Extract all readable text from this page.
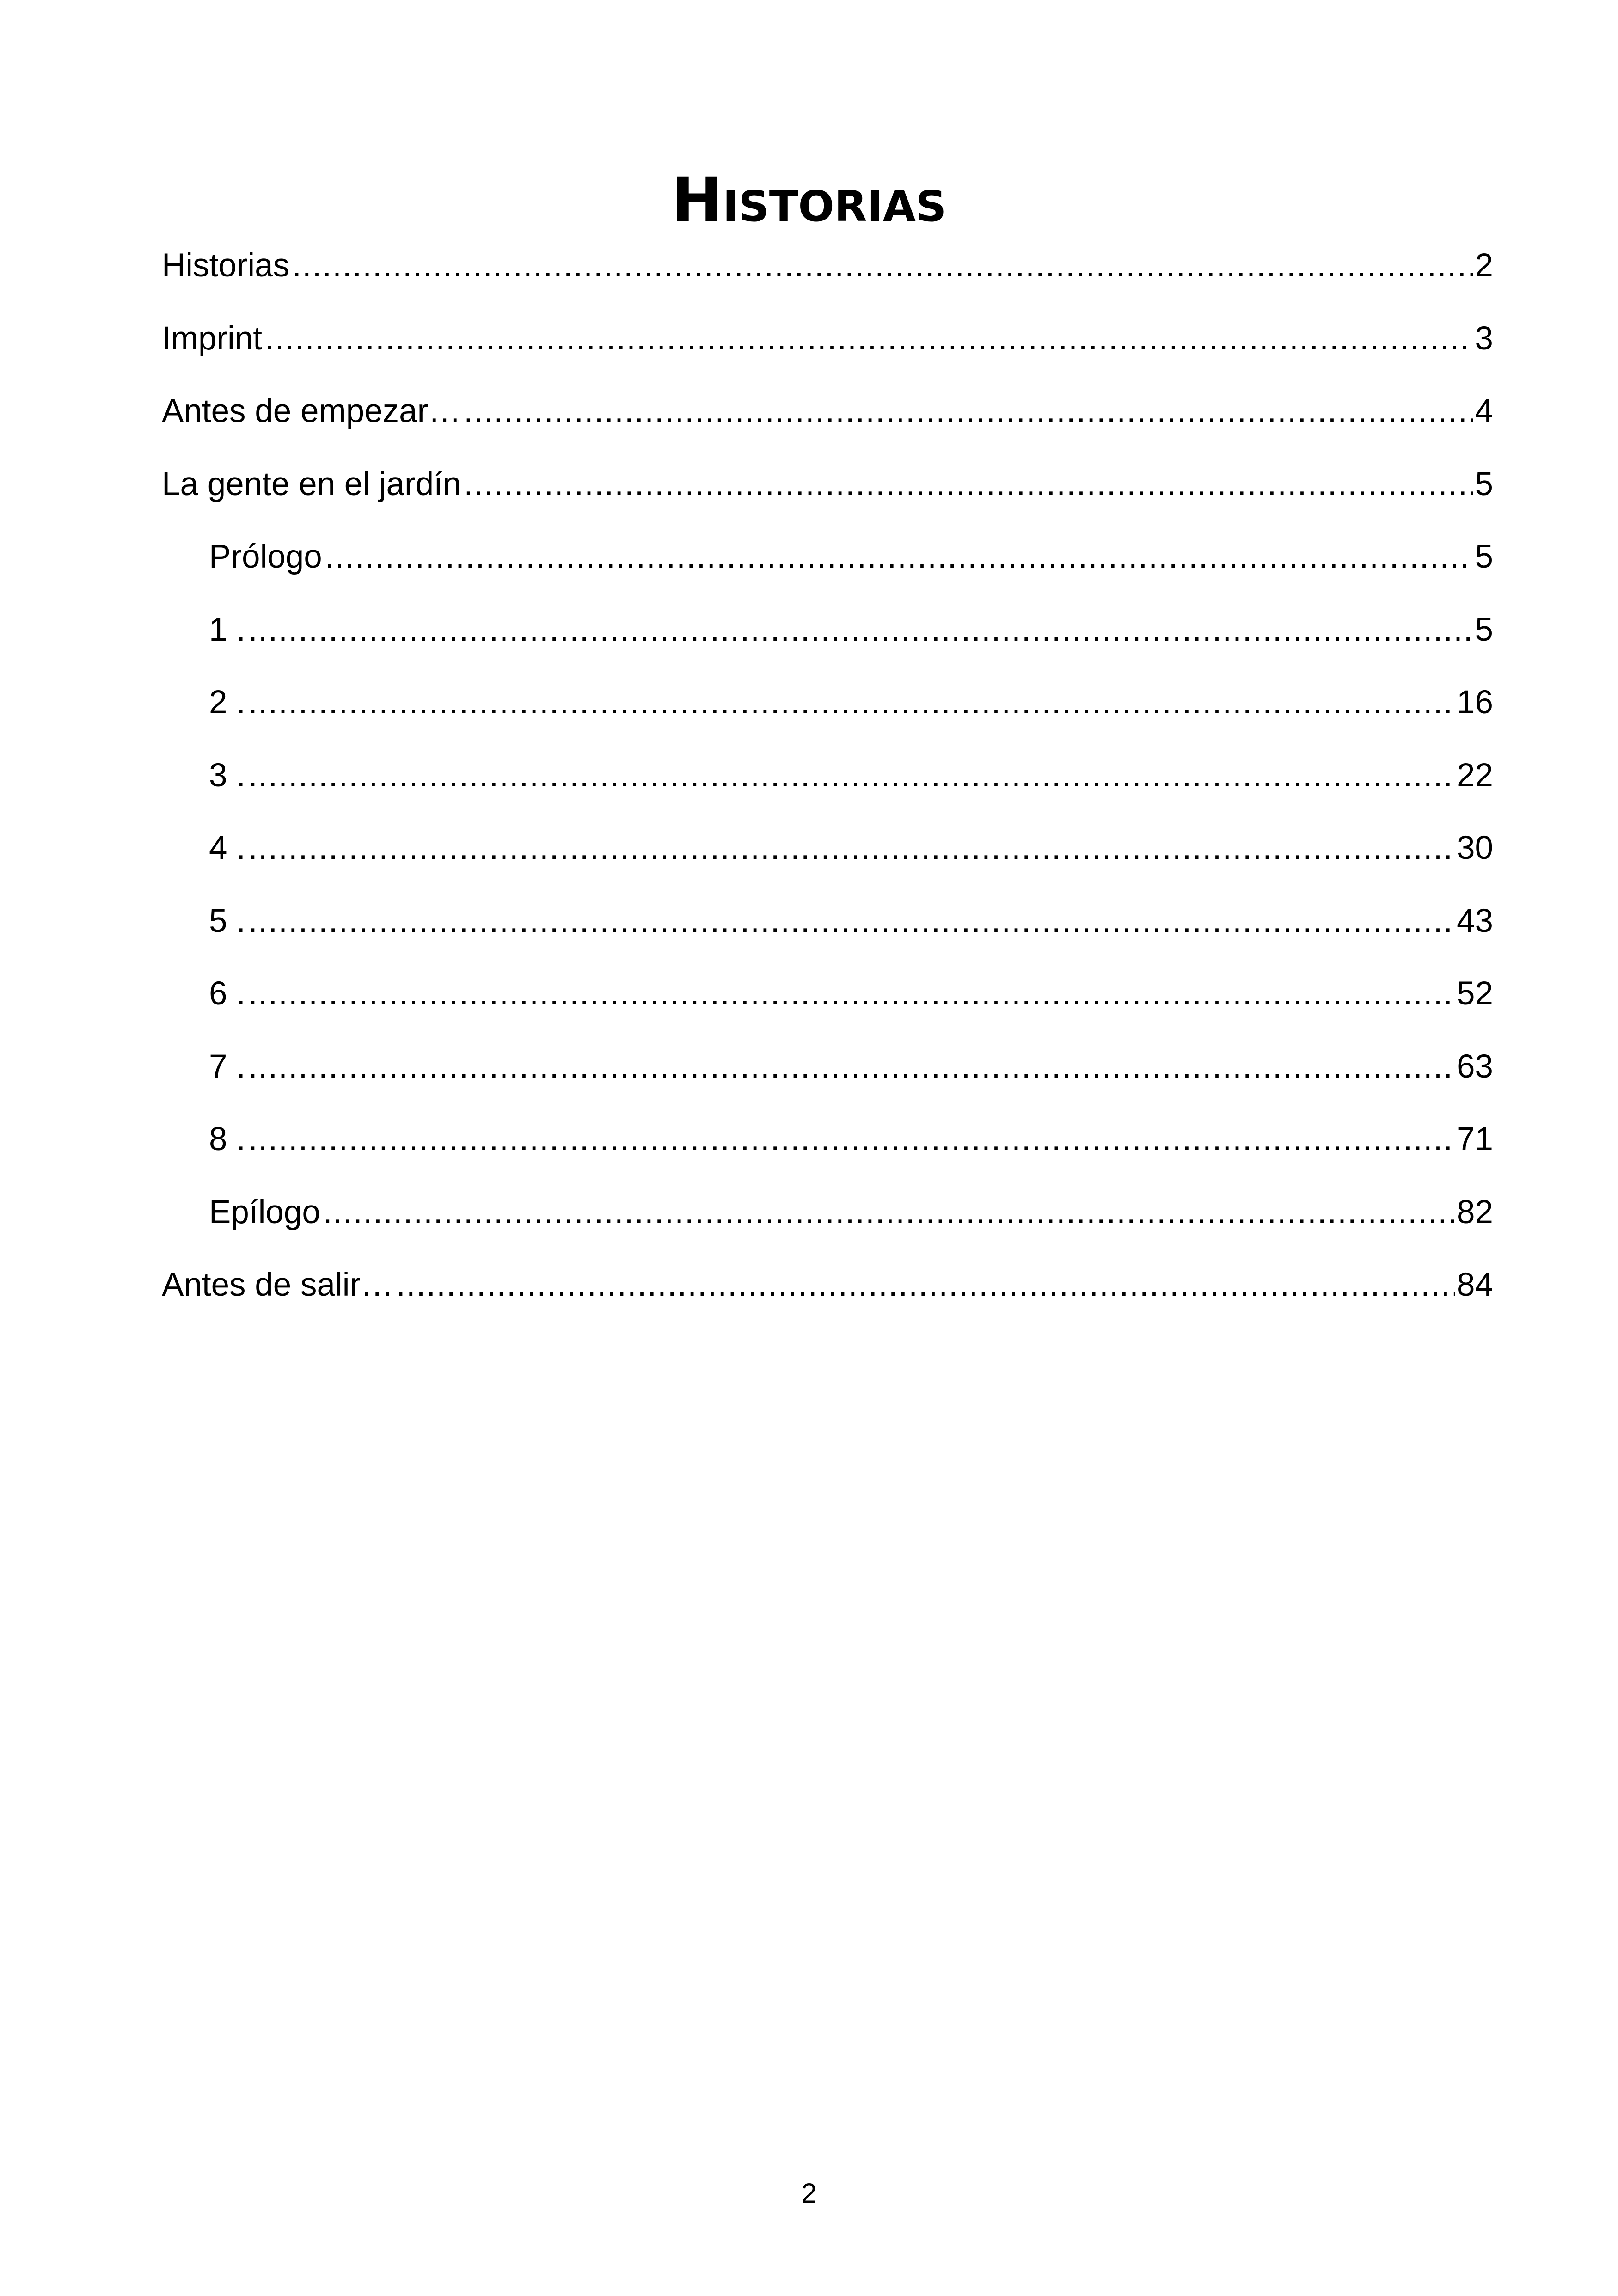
Historias
Historias .....	2
Imprint .....	3
Antes de empezar… .....	4
La gente en el jardín .....	5
Prólogo .....	5
1 . .....	5
2 . .....	16
3 . .....	22
4 . .....	30
5 . .....	43
6 . .....	52
7 . .....	63
8 . .....	71
Epílogo .....	82
Antes de salir… .....	84
2
